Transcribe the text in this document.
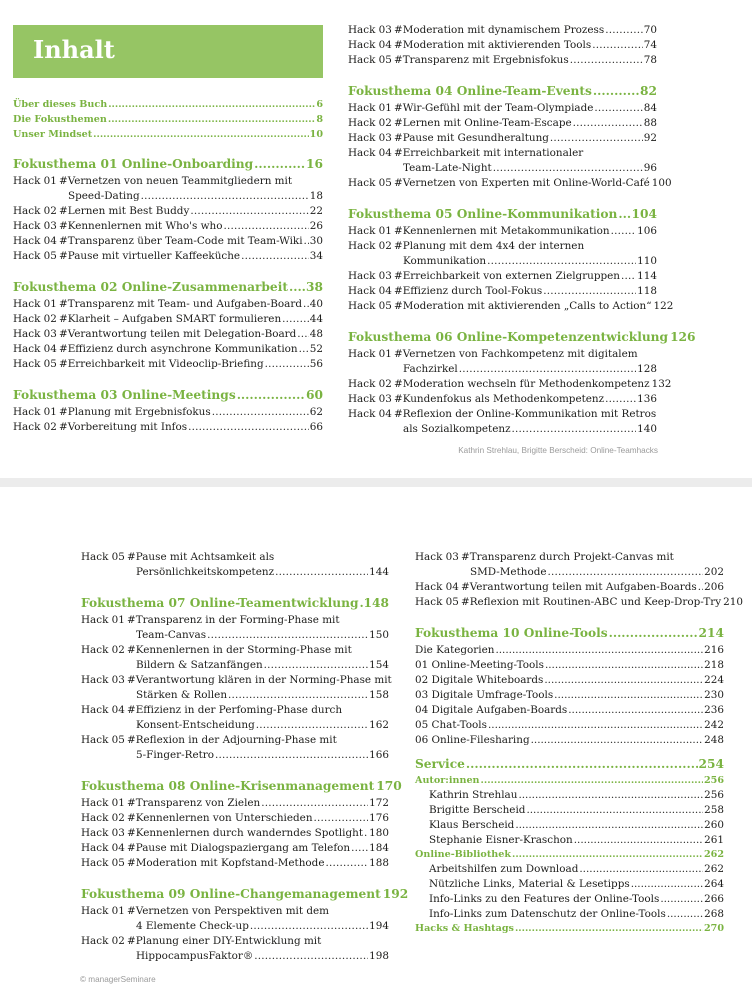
Inhalt
Über dieses Buch .....	6
Die Fokusthemen .....	8
Unser Mindset .....	10
Fokusthema 01 Online-Onboarding .....	16
Hack 01 #Vernetzen von neuen Teammitgliedern mit
Speed-Dating .....	18
Hack 02 #Lernen mit Best Buddy .....	22
Hack 03 #Kennenlernen mit Who's who .....	26
Hack 04 #Transparenz über Team-Code mit Team-Wiki ..... 30
Hack 05 #Pause mit virtueller Kaffeeküche .....	34
Fokusthema 02 Online-Zusammenarbeit ..... 38
Hack 01 #Transparenz mit Team- und Aufgaben-Board ..... 40
Hack 02 #Klarheit – Aufgaben SMART formulieren .....	44
Hack 03 #Verantwortung teilen mit Delegation-Board ..... 48
Hack 04 #Effizienz durch asynchrone Kommunikation ..... 52
Hack 05 #Erreichbarkeit mit Videoclip-Briefing .....	56
Fokusthema 03 Online-Meetings .....	60
Hack 01 #Planung mit Ergebnisfokus .....	62
Hack 02 #Vorbereitung mit Infos .....	66
Hack 03 #Moderation mit dynamischem Prozess .....	70
Hack 04 #Moderation mit aktivierenden Tools .....	74
Hack 05 #Transparenz mit Ergebnisfokus .....	78
Fokusthema 04 Online-Team-Events .....	82
Hack 01 #Wir-Gefühl mit der Team-Olympiade .....	84
Hack 02 #Lernen mit Online-Team-Escape .....	88
Hack 03 #Pause mit Gesundheraltung .....	92
Hack 04 #Erreichbarkeit mit internationaler
Team-Late-Night .....	96
Hack 05 #Vernetzen von Experten mit Online-World-Café 100
Fokusthema 05 Online-Kommunikation ..... 104
Hack 01 #Kennenlernen mit Metakommunikation .....	106
Hack 02 #Planung mit dem 4x4 der internen
Kommunikation .....	110
Hack 03 #Erreichbarkeit von externen Zielgruppen ..... 114
Hack 04 #Effizienz durch Tool-Fokus .....	118
Hack 05 #Moderation mit aktivierenden „Calls to Action“ 122
Fokusthema 06 Online-Kompetenzentwicklung 126
Hack 01 #Vernetzen von Fachkompetenz mit digitalem
Fachzirkel .....	128
Hack 02 #Moderation wechseln für Methodenkompetenz 132
Hack 03 #Kundenfokus als Methodenkompetenz .....	136
Hack 04 #Reflexion der Online-Kommunikation mit Retros
als Sozialkompetenz .....	140
Kathrin Strehlau, Brigitte Berscheid: Online-Teamhacks
Hack 05 #Pause mit Achtsamkeit als
Persönlichkeitskompetenz .....	144
Fokusthema 07 Online-Teamentwicklung ..... 148
Hack 01 #Transparenz in der Forming-Phase mit
Team-Canvas .....	150
Hack 02 #Kennenlernen in der Storming-Phase mit
Bildern & Satzanfängen .....	154
Hack 03 #Verantwortung klären in der Norming-Phase mit
Stärken & Rollen .....	158
Hack 04 #Effizienz in der Perfoming-Phase durch
Konsent-Entscheidung .....	162
Hack 05 #Reflexion in der Adjourning-Phase mit
5-Finger-Retro .....	166
Fokusthema 08 Online-Krisenmanagement 170
Hack 01 #Transparenz von Zielen .....	172
Hack 02 #Kennenlernen von Unterschieden .....	176
Hack 03 #Kennenlernen durch wanderndes Spotlight ..... 180
Hack 04 #Pause mit Dialogspaziergang am Telefon ..... 184
Hack 05 #Moderation mit Kopfstand-Methode .....	188
Fokusthema 09 Online-Changemanagement 192
Hack 01 #Vernetzen von Perspektiven mit dem
4 Elemente Check-up .....	194
Hack 02 #Planung einer DIY-Entwicklung mit
HippocampusFaktor® .....	198
Hack 03 #Transparenz durch Projekt-Canvas mit
SMD-Methode .....	202
Hack 04 #Verantwortung teilen mit Aufgaben-Boards ..... 206
Hack 05 #Reflexion mit Routinen-ABC und Keep-Drop-Try 210
Fokusthema 10 Online-Tools .....	214
Die Kategorien .....	216
01 Online-Meeting-Tools .....	218
02 Digitale Whiteboards .....	224
03 Digitale Umfrage-Tools .....	230
04 Digitale Aufgaben-Boards .....	236
05 Chat-Tools .....	242
06 Online-Filesharing .....	248
Service .....	254
Autor:innen .....	256
Kathrin Strehlau .....	256
Brigitte Berscheid .....	258
Klaus Berscheid .....	260
Stephanie Eisner-Kraschon .....	261
Online-Bibliothek .....	262
Arbeitshilfen zum Download .....	262
Nützliche Links, Material & Lesetipps .....	264
Info-Links zu den Features der Online-Tools .....	266
Info-Links zum Datenschutz der Online-Tools .....	268
Hacks & Hashtags .....	270
© managerSeminare
